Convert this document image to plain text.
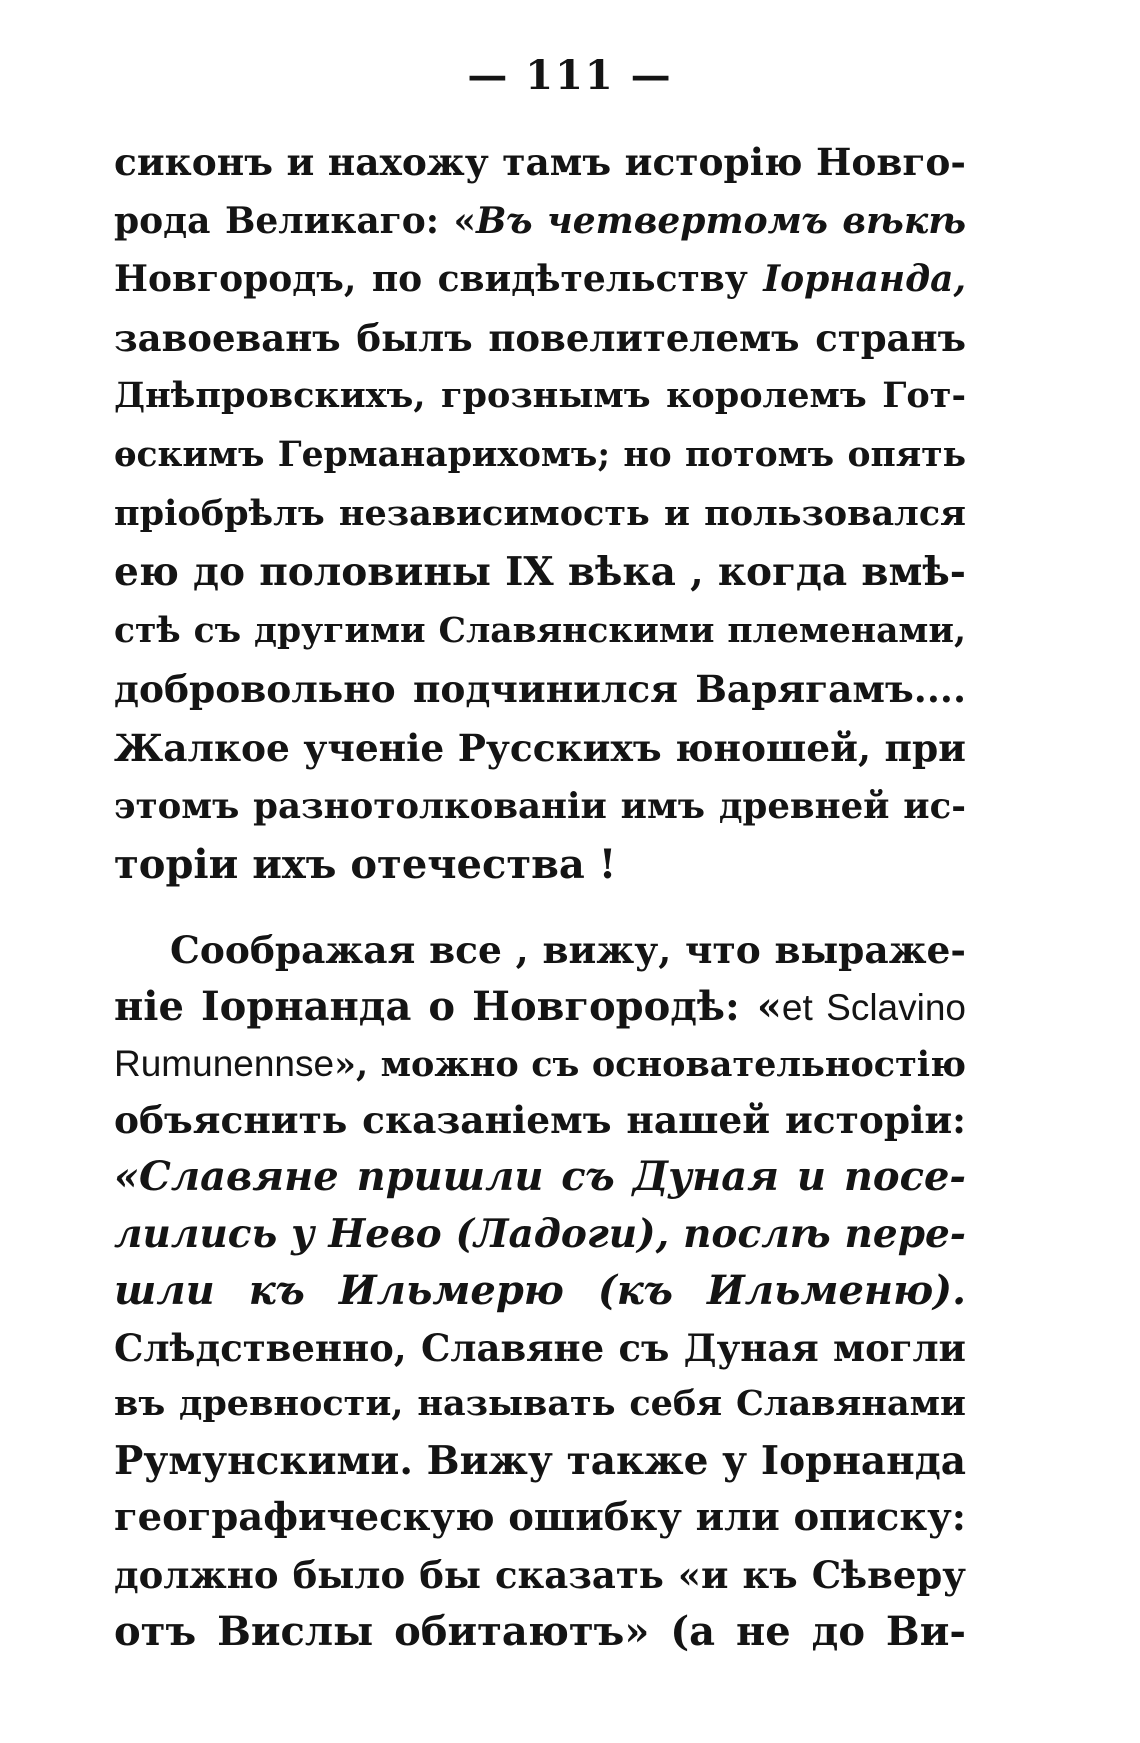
— 111 —
сиконъ и нахожу тамъ исторію Новго-
рода Великаго: «Въ четвертомъ вѣкѣ
Новгородъ, по свидѣтельству Іорнанда,
завоеванъ былъ повелителемъ странъ
Днѣпровскихъ, грознымъ королемъ Гот-
ѳскимъ Германарихомъ; но потомъ опять
пріобрѣлъ независимость и пользовался
ею до половины IX вѣка , когда вмѣ-
стѣ съ другими Славянскими племенами,
добровольно подчинился Варягамъ....
Жалкое ученіе Русскихъ юношей, при
этомъ разнотолкованіи имъ древней ис-
торіи ихъ отечества !
Соображая все , вижу, что выраже-
ніе Іорнанда о Новгородѣ: «et Sclavino
Rumunennse», можно съ основательностію
объяснить сказаніемъ нашей исторіи:
«Славяне пришли съ Дуная и посе-
лились у Нево (Ладоги), послѣ пере-
шли къ Ильмерю (къ Ильменю).
Слѣдственно, Славяне съ Дуная могли
въ древности, называть себя Славянами
Румунскими. Вижу также у Іорнанда
географическую ошибку или описку:
должно было бы сказать «и къ Сѣверу
отъ Вислы обитаютъ» (а не до Ви-
